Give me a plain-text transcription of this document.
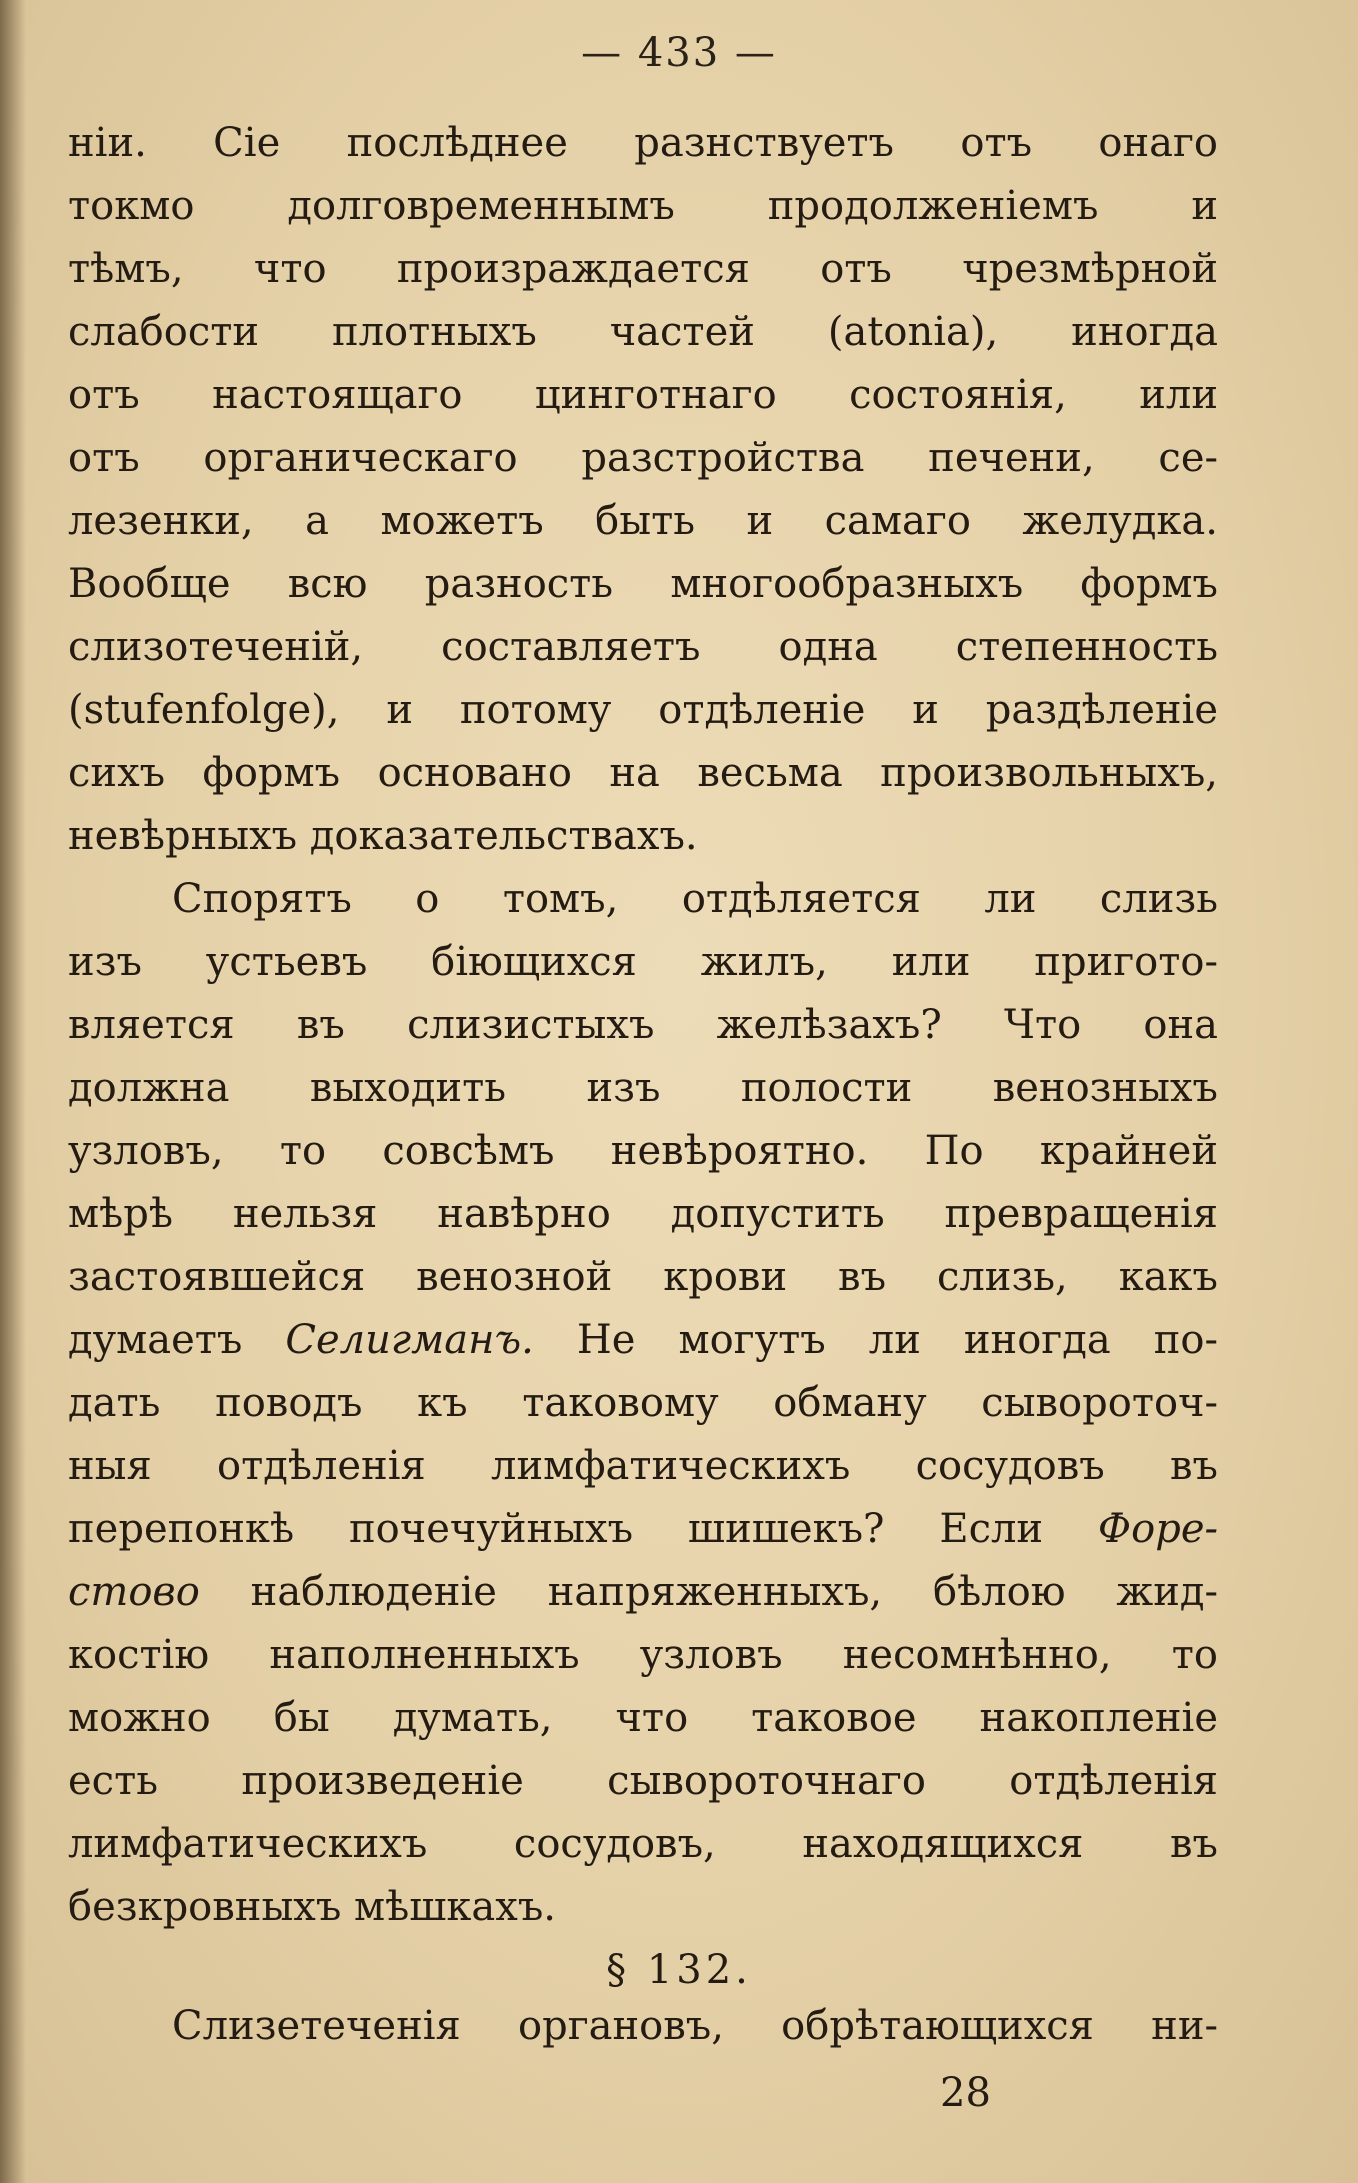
— 433 —
ніи. Сіе послѣднее разнствуетъ отъ онаго
токмо долговременнымъ продолженіемъ и
тѣмъ, что произраждается отъ чрезмѣрной
слабости плотныхъ частей (atonia), иногда
отъ настоящаго цинготнаго состоянія, или
отъ органическаго разстройства печени, се-
лезенки, а можетъ быть и самаго желудка.
Вообще всю разность многообразныхъ формъ
слизотеченій, составляетъ одна степенность
(stufenfolge), и потому отдѣленіе и раздѣленіе
сихъ формъ основано на весьма произвольныхъ,
невѣрныхъ доказательствахъ.
Спорятъ о томъ, отдѣляется ли слизь
изъ устьевъ біющихся жилъ, или пригото-
вляется въ слизистыхъ желѣзахъ? Что она
должна выходить изъ полости венозныхъ
узловъ, то совсѣмъ невѣроятно. По крайней
мѣрѣ нельзя навѣрно допустить превращенія
застоявшейся венозной крови въ слизь, какъ
думаетъ Селигманъ. Не могутъ ли иногда по-
дать поводъ къ таковому обману сывороточ-
ныя отдѣленія лимфатическихъ сосудовъ въ
перепонкѣ почечуйныхъ шишекъ? Если Форе-
стово наблюденіе напряженныхъ, бѣлою жид-
костію наполненныхъ узловъ несомнѣнно, то
можно бы думать, что таковое накопленіе
есть произведеніе сывороточнаго отдѣленія
лимфатическихъ сосудовъ, находящихся въ
безкровныхъ мѣшкахъ.
§ 132.
Слизетеченія органовъ, обрѣтающихся ни-
28
